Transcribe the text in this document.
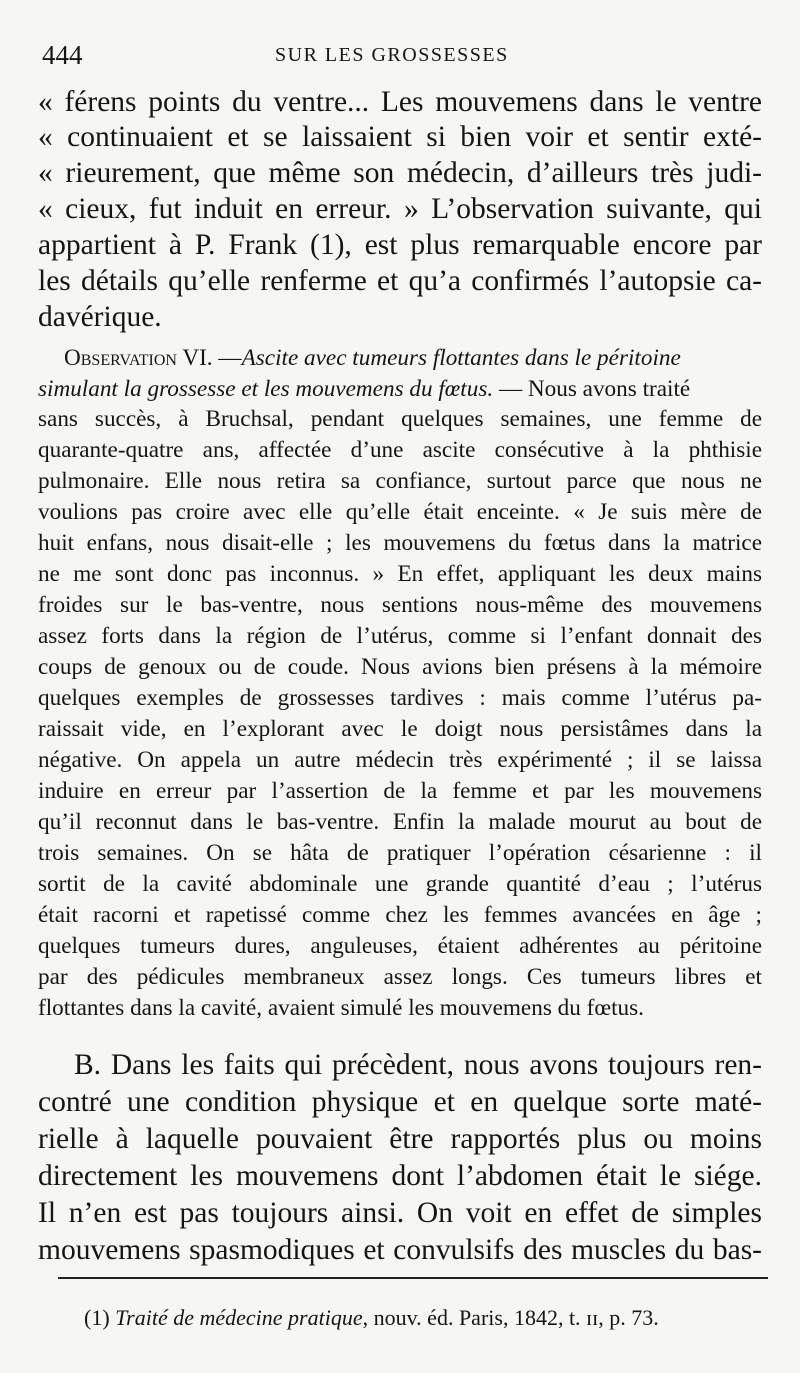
444	SUR LES GROSSESSES
« férens points du ventre... Les mouvemens dans le ventre
« continuaient et se laissaient si bien voir et sentir exté-
« rieurement, que même son médecin, d’ailleurs très judi-
« cieux, fut induit en erreur. » L’observation suivante, qui
appartient à P. Frank (1), est plus remarquable encore par
les détails qu’elle renferme et qu’a confirmés l’autopsie ca-
davérique.
Observation VI. —Ascite avec tumeurs flottantes dans le péritoine
simulant la grossesse et les mouvemens du fœtus. — Nous avons traité
sans succès, à Bruchsal, pendant quelques semaines, une femme de
quarante-quatre ans, affectée d’une ascite consécutive à la phthisie
pulmonaire. Elle nous retira sa confiance, surtout parce que nous ne
voulions pas croire avec elle qu’elle était enceinte. « Je suis mère de
huit enfans, nous disait-elle ; les mouvemens du fœtus dans la matrice
ne me sont donc pas inconnus. » En effet, appliquant les deux mains
froides sur le bas-ventre, nous sentions nous-même des mouvemens
assez forts dans la région de l’utérus, comme si l’enfant donnait des
coups de genoux ou de coude. Nous avions bien présens à la mémoire
quelques exemples de grossesses tardives : mais comme l’utérus pa-
raissait vide, en l’explorant avec le doigt nous persistâmes dans la
négative. On appela un autre médecin très expérimenté ; il se laissa
induire en erreur par l’assertion de la femme et par les mouvemens
qu’il reconnut dans le bas-ventre. Enfin la malade mourut au bout de
trois semaines. On se hâta de pratiquer l’opération césarienne : il
sortit de la cavité abdominale une grande quantité d’eau ; l’utérus
était racorni et rapetissé comme chez les femmes avancées en âge ;
quelques tumeurs dures, anguleuses, étaient adhérentes au péritoine
par des pédicules membraneux assez longs. Ces tumeurs libres et
flottantes dans la cavité, avaient simulé les mouvemens du fœtus.
B. Dans les faits qui précèdent, nous avons toujours ren-
contré une condition physique et en quelque sorte maté-
rielle à laquelle pouvaient être rapportés plus ou moins
directement les mouvemens dont l’abdomen était le siége.
Il n’en est pas toujours ainsi. On voit en effet de simples
mouvemens spasmodiques et convulsifs des muscles du bas-
(1) Traité de médecine pratique, nouv. éd. Paris, 1842, t. ɪɪ, p. 73.
